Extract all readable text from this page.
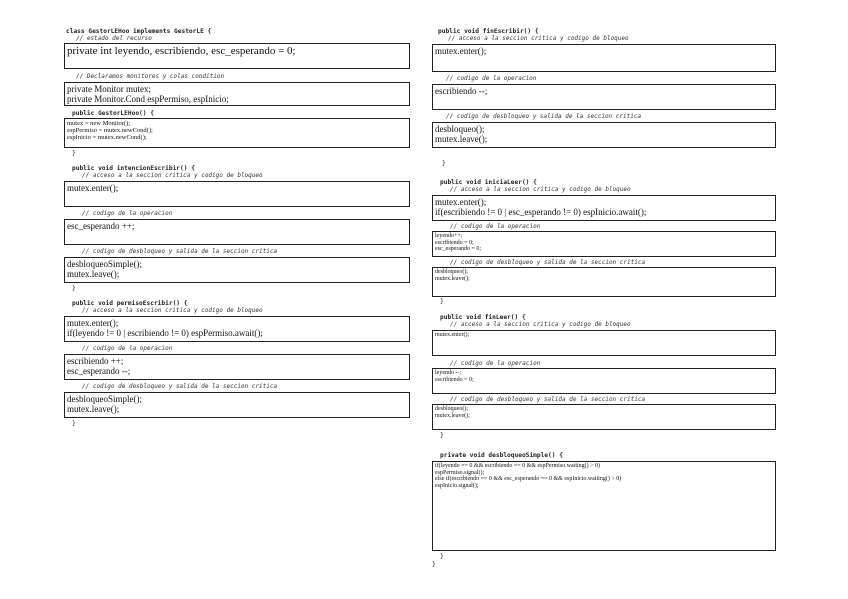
class GestorLEHoo implements GestorLE {
// estado del recurso
private int leyendo, escribiendo, esc_esperando = 0;
// Declaramos monitores y colas condition
private Monitor mutex;
private Monitor.Cond espPermiso, espInicio;
public GestorLEHoo() {
mutex = new Monitor();
espPermiso = mutex.newCond();
espInicio = mutex.newCond();
}
public void intencionEscribir() {
// acceso a la seccion critica y codigo de bloqueo
mutex.enter();
// codigo de la operacion
esc_esperando ++;
// codigo de desbloqueo y salida de la seccion critica
desbloqueoSimple();
mutex.leave();
}
public void permisoEscribir() {
// acceso a la seccion critica y codigo de bloqueo
mutex.enter();
if(leyendo != 0 | escribiendo != 0) espPermiso.await();
// codigo de la operacion
escribiendo ++;
esc_esperando --;
// codigo de desbloqueo y salida de la seccion critica
desbloqueoSimple();
mutex.leave();
}
public void finEscribir() {
// acceso a la seccion critica y codigo de bloqueo
mutex.enter();
// codigo de la operacion
escribiendo --;
// codigo de desbloqueo y salida de la seccion critica
desbloqueo();
mutex.leave();
}
public void iniciaLeer() {
// acceso a la seccion critica y codigo de bloqueo
mutex.enter();
if(escribiendo != 0 | esc_esperando != 0) espInicio.await();
// codigo de la operacion
leyendo++;
escribiendo = 0;
esc_esperando = 0;
// codigo de desbloqueo y salida de la seccion critica
desbloqueo();
mutex.leave();
}
public void finLeer() {
// acceso a la seccion critica y codigo de bloqueo
mutex.enter();
// codigo de la operacion
leyendo --;
escribiendo = 0;
// codigo de desbloqueo y salida de la seccion critica
desbloqueo();
mutex.leave();
}
private void desbloqueoSimple() {
if(leyendo == 0 && escribiendo == 0 && espPermiso.waiting() > 0)
espPermiso.signal();
else if(escribiendo == 0 && esc_esperando == 0 && espInicio.waiting() > 0)
espInicio.signal();
}
}
